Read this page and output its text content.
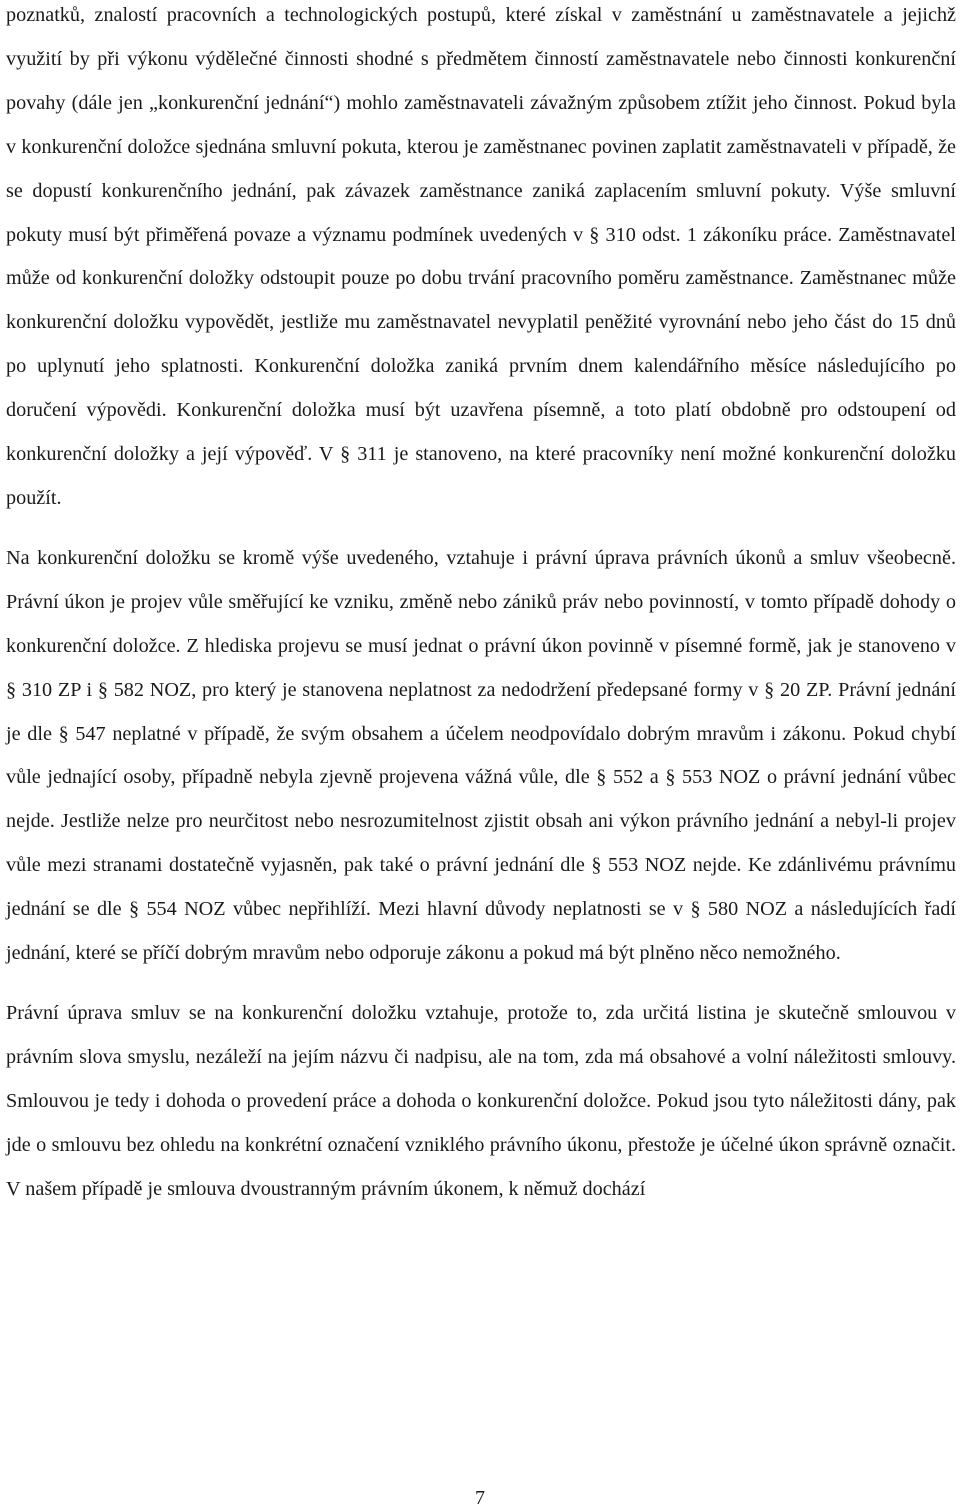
poznatků, znalostí pracovních a technologických postupů, které získal v zaměstnání u zaměstnavatele a jejichž využití by při výkonu výdělečné činnosti shodné s předmětem činností zaměstnavatele nebo činnosti konkurenční povahy (dále jen „konkurenční jednání“) mohlo zaměstnavateli závažným způsobem ztížit jeho činnost. Pokud byla v konkurenční doložce sjednána smluvní pokuta, kterou je zaměstnanec povinen zaplatit zaměstnavateli v případě, že se dopustí konkurenčního jednání, pak závazek zaměstnance zaniká zaplacením smluvní pokuty. Výše smluvní pokuty musí být přiměřená povaze a významu podmínek uvedených v § 310 odst. 1 zákoníku práce. Zaměstnavatel může od konkurenční doložky odstoupit pouze po dobu trvání pracovního poměru zaměstnance. Zaměstnanec může konkurenční doložku vypovědět, jestliže mu zaměstnavatel nevyplatil peněžité vyrovnání nebo jeho část do 15 dnů po uplynutí jeho splatnosti. Konkurenční doložka zaniká prvním dnem kalendářního měsíce následujícího po doručení výpovědi. Konkurenční doložka musí být uzavřena písemně, a toto platí obdobně pro odstoupení od konkurenční doložky a její výpověď. V § 311 je stanoveno, na které pracovníky není možné konkurenční doložku použít.

Na konkurenční doložku se kromě výše uvedeného, vztahuje i právní úprava právních úkonů a smluv všeobecně. Právní úkon je projev vůle směřující ke vzniku, změně nebo zániků práv nebo povinností, v tomto případě dohody o konkurenční doložce. Z hlediska projevu se musí jednat o právní úkon povinně v písemné formě, jak je stanoveno v § 310 ZP i § 582 NOZ, pro který je stanovena neplatnost za nedodržení předepsané formy v § 20 ZP. Právní jednání je dle § 547 neplatné v případě, že svým obsahem a účelem neodpovídalo dobrým mravům i zákonu. Pokud chybí vůle jednající osoby, případně nebyla zjevně projevena vážná vůle, dle § 552 a § 553 NOZ o právní jednání vůbec nejde. Jestliže nelze pro neurčitost nebo nesrozumitelnost zjistit obsah ani výkon právního jednání a nebyl-li projev vůle mezi stranami dostatečně vyjasněn, pak také o právní jednání dle § 553 NOZ nejde. Ke zdánlivému právnímu jednání se dle § 554 NOZ vůbec nepřihlíží. Mezi hlavní důvody neplatnosti se v § 580 NOZ a následujících řadí jednání, které se příčí dobrým mravům nebo odporuje zákonu a pokud má být plněno něco nemožného.

Právní úprava smluv se na konkurenční doložku vztahuje, protože to, zda určitá listina je skutečně smlouvou v právním slova smyslu, nezáleží na jejím názvu či nadpisu, ale na tom, zda má obsahové a volní náležitosti smlouvy. Smlouvou je tedy i dohoda o provedení práce a dohoda o konkurenční doložce. Pokud jsou tyto náležitosti dány, pak jde o smlouvu bez ohledu na konkrétní označení vzniklého právního úkonu, přestože je účelné úkon správně označit. V našem případě je smlouva dvoustranným právním úkonem, k němuž dochází

7
